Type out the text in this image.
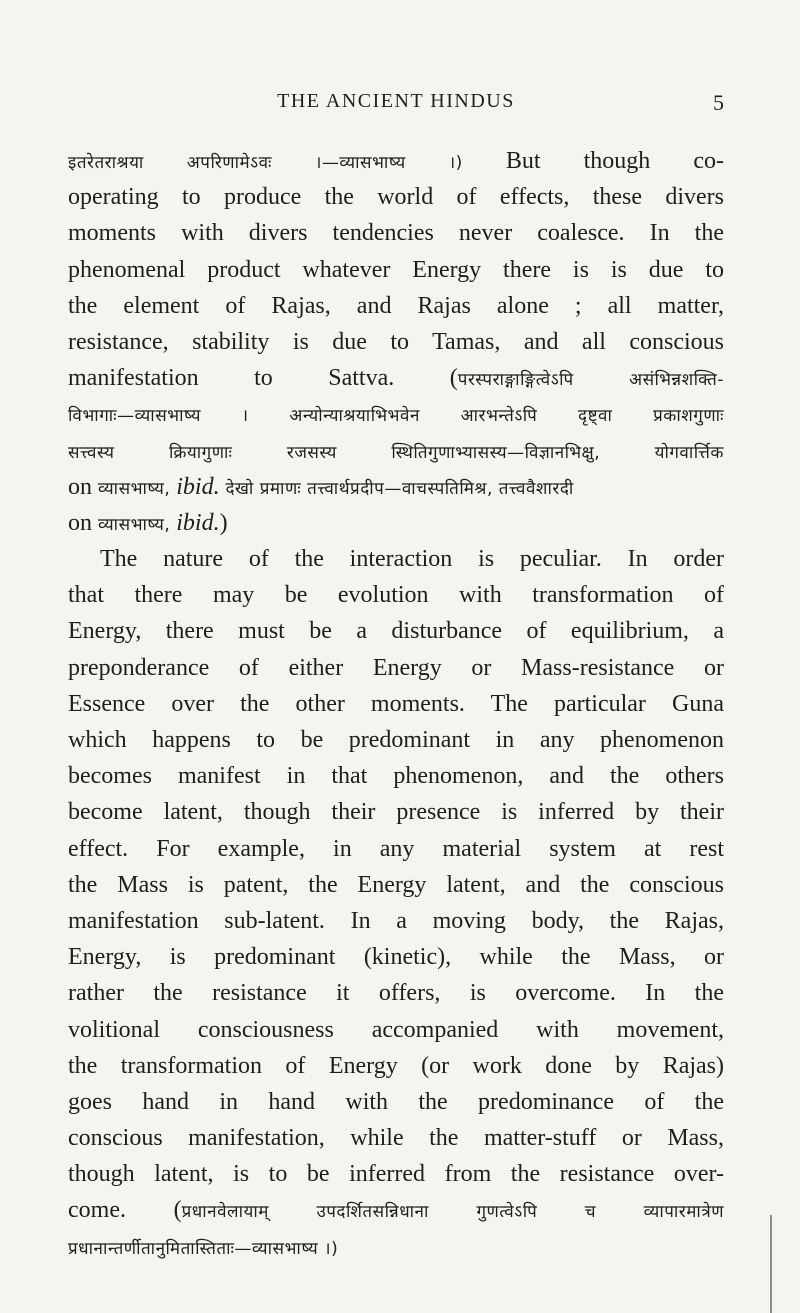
THE ANCIENT HINDUS	5
इतरेतराश्रया अपरिणामेऽवः ।—व्यासभाष्य ।) But though co-
operating to produce the world of effects, these divers
moments with divers tendencies never coalesce. In the
phenomenal product whatever Energy there is is due to
the element of Rajas, and Rajas alone ; all matter,
resistance, stability is due to Tamas, and all conscious
manifestation to Sattva. (परस्पराङ्गाङ्गित्वेऽपि असंभिन्नशक्ति-
विभागाः—व्यासभाष्य । अन्योन्याश्रयाभिभवेन आरभन्तेऽपि दृष्ट्वा प्रकाशगुणाः
सत्त्वस्य क्रियागुणाः रजसस्य स्थितिगुणाभ्यासस्य—विज्ञानभिक्षु, योगवार्त्तिक
on व्यासभाष्य, ibid. देखो प्रमाणः तत्त्वार्थप्रदीप—वाचस्पतिमिश्र, तत्त्ववैशारदी
on व्यासभाष्य, ibid.)
The nature of the interaction is peculiar. In order
that there may be evolution with transformation of
Energy, there must be a disturbance of equilibrium, a
preponderance of either Energy or Mass-resistance or
Essence over the other moments. The particular Guna
which happens to be predominant in any phenomenon
becomes manifest in that phenomenon, and the others
become latent, though their presence is inferred by their
effect. For example, in any material system at rest
the Mass is patent, the Energy latent, and the conscious
manifestation sub-latent. In a moving body, the Rajas,
Energy, is predominant (kinetic), while the Mass, or
rather the resistance it offers, is overcome. In the
volitional consciousness accompanied with movement,
the transformation of Energy (or work done by Rajas)
goes hand in hand with the predominance of the
conscious manifestation, while the matter-stuff or Mass,
though latent, is to be inferred from the resistance over-
come. (प्रधानवेलायाम् उपदर्शितसन्निधाना गुणत्वेऽपि च व्यापारमात्रेण
प्रधानान्तर्णीतानुमितास्तिताः—व्यासभाष्य ।)
